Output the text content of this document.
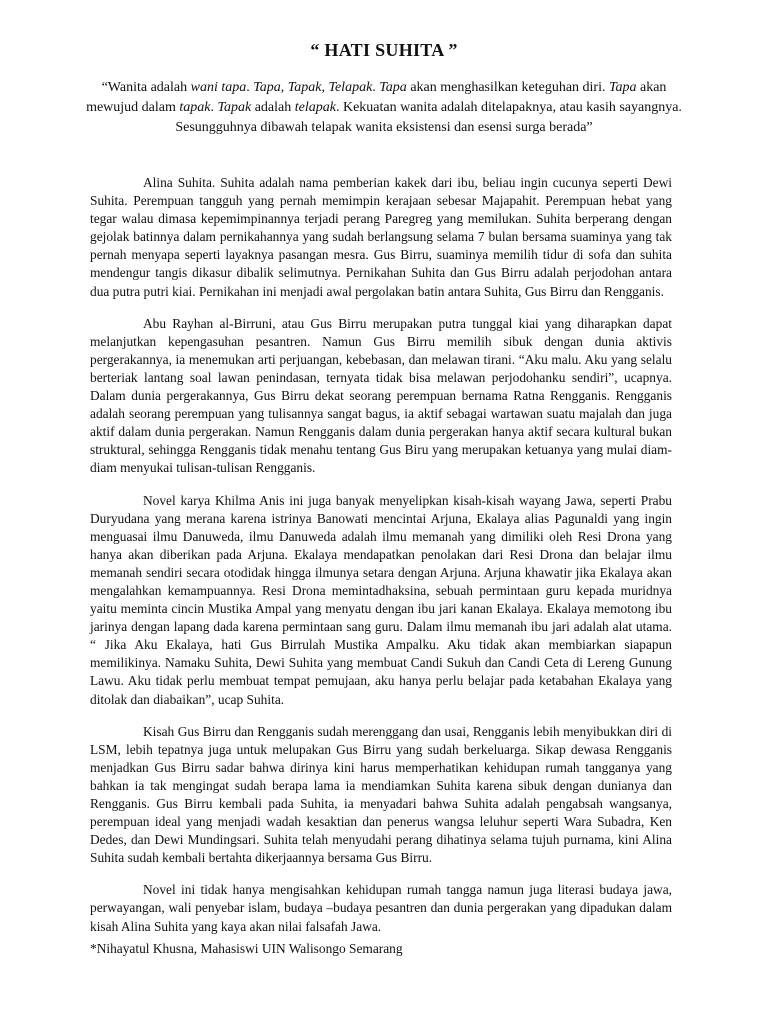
“ HATI SUHITA ”
“Wanita adalah wani tapa. Tapa, Tapak, Telapak. Tapa akan menghasilkan keteguhan diri. Tapa akan mewujud dalam tapak. Tapak adalah telapak. Kekuatan wanita adalah ditelapaknya, atau kasih sayangnya. Sesungguhnya dibawah telapak wanita eksistensi dan esensi surga berada”

Alina Suhita. Suhita adalah nama pemberian kakek dari ibu, beliau ingin cucunya seperti Dewi Suhita. Perempuan tangguh yang pernah memimpin kerajaan sebesar Majapahit. Perempuan hebat yang tegar walau dimasa kepemimpinannya terjadi perang Paregreg yang memilukan. Suhita berperang dengan gejolak batinnya dalam pernikahannya yang sudah berlangsung selama 7 bulan bersama suaminya yang tak pernah menyapa seperti layaknya pasangan mesra. Gus Birru, suaminya memilih tidur di sofa dan suhita mendengur tangis dikasur dibalik selimutnya. Pernikahan Suhita dan Gus Birru adalah perjodohan antara dua putra putri kiai. Pernikahan ini menjadi awal pergolakan batin antara Suhita, Gus Birru dan Rengganis.

Abu Rayhan al-Birruni, atau Gus Birru merupakan putra tunggal kiai yang diharapkan dapat melanjutkan kepengasuhan pesantren. Namun Gus Birru memilih sibuk dengan dunia aktivis pergerakannya, ia menemukan arti perjuangan, kebebasan, dan melawan tirani. “Aku malu. Aku yang selalu berteriak lantang soal lawan penindasan, ternyata tidak bisa melawan perjodohanku sendiri”, ucapnya. Dalam dunia pergerakannya, Gus Birru dekat seorang perempuan bernama Ratna Rengganis. Rengganis adalah seorang perempuan yang tulisannya sangat bagus, ia aktif sebagai wartawan suatu majalah dan juga aktif dalam dunia pergerakan. Namun Rengganis dalam dunia pergerakan hanya aktif secara kultural bukan struktural, sehingga Rengganis tidak menahu tentang Gus Biru yang merupakan ketuanya yang mulai diam-diam menyukai tulisan-tulisan Rengganis.

Novel karya Khilma Anis ini juga banyak menyelipkan kisah-kisah wayang Jawa, seperti Prabu Duryudana yang merana karena istrinya Banowati mencintai Arjuna, Ekalaya alias Pagunaldi yang ingin menguasai ilmu Danuweda, ilmu Danuweda adalah ilmu memanah yang dimiliki oleh Resi Drona yang hanya akan diberikan pada Arjuna. Ekalaya mendapatkan penolakan dari Resi Drona dan belajar ilmu memanah sendiri secara otodidak hingga ilmunya setara dengan Arjuna. Arjuna khawatir jika Ekalaya akan mengalahkan kemampuannya. Resi Drona memintadhaksina, sebuah permintaan guru kepada muridnya yaitu meminta cincin Mustika Ampal yang menyatu dengan ibu jari kanan Ekalaya. Ekalaya memotong ibu jarinya dengan lapang dada karena permintaan sang guru. Dalam ilmu memanah ibu jari adalah alat utama. “ Jika Aku Ekalaya, hati Gus Birrulah Mustika Ampalku. Aku tidak akan membiarkan siapapun memilikinya. Namaku Suhita, Dewi Suhita yang membuat Candi Sukuh dan Candi Ceta di Lereng Gunung Lawu. Aku tidak perlu membuat tempat pemujaan, aku hanya perlu belajar pada ketabahan Ekalaya yang ditolak dan diabaikan”, ucap Suhita.

Kisah Gus Birru dan Rengganis sudah merenggang dan usai, Rengganis lebih menyibukkan diri di LSM, lebih tepatnya juga untuk melupakan Gus Birru yang sudah berkeluarga. Sikap dewasa Rengganis menjadkan Gus Birru sadar bahwa dirinya kini harus memperhatikan kehidupan rumah tangganya yang bahkan ia tak mengingat sudah berapa lama ia mendiamkan Suhita karena sibuk dengan dunianya dan Rengganis. Gus Birru kembali pada Suhita, ia menyadari bahwa Suhita adalah pengabsah wangsanya, perempuan ideal yang menjadi wadah kesaktian dan penerus wangsa leluhur seperti Wara Subadra, Ken Dedes, dan Dewi Mundingsari. Suhita telah menyudahi perang dihatinya selama tujuh purnama, kini Alina Suhita sudah kembali bertahta dikerjaannya bersama Gus Birru.

Novel ini tidak hanya mengisahkan kehidupan rumah tangga namun juga literasi budaya jawa, perwayangan, wali penyebar islam, budaya –budaya pesantren dan dunia pergerakan yang dipadukan dalam kisah Alina Suhita yang kaya akan nilai falsafah Jawa.

*Nihayatul Khusna, Mahasiswi UIN Walisongo Semarang
